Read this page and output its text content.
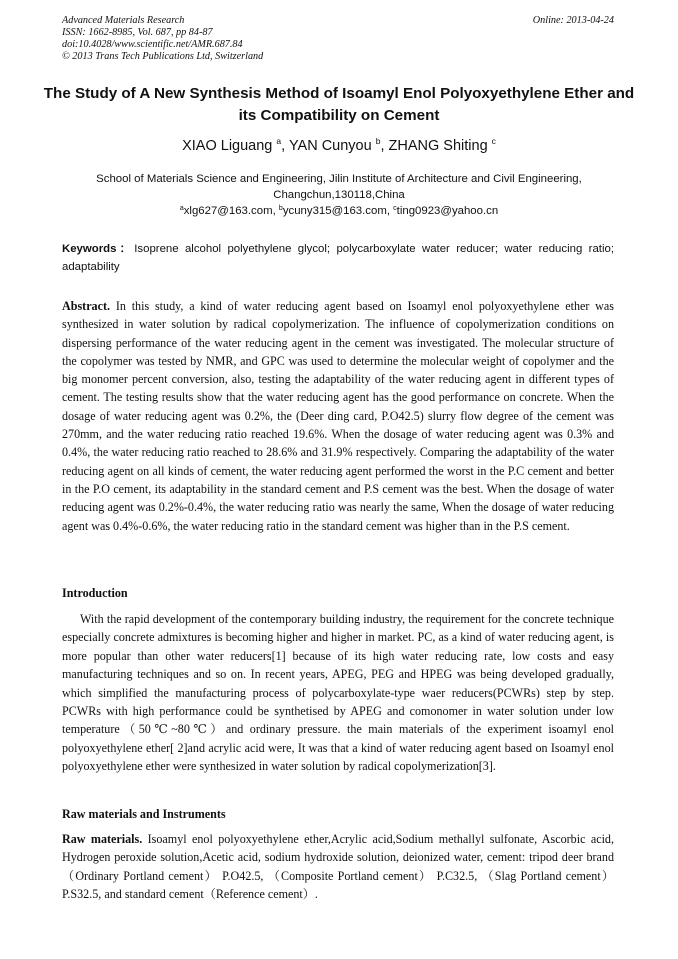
Advanced Materials Research
ISSN: 1662-8985, Vol. 687, pp 84-87
doi:10.4028/www.scientific.net/AMR.687.84
© 2013 Trans Tech Publications Ltd, Switzerland
Online: 2013-04-24
The Study of A New Synthesis Method of Isoamyl Enol Polyoxyethylene Ether and its Compatibility on Cement
XIAO Liguang $^a$, YAN Cunyou $^b$, ZHANG Shiting $^c$
School of Materials Science and Engineering, Jilin Institute of Architecture and Civil Engineering, Changchun,130118,China
$^a$xlg627@163.com, $^b$ycuny315@163.com, $^c$ting0923@yahoo.cn
Keywords：Isoprene alcohol polyethylene glycol; polycarboxylate water reducer; water reducing ratio; adaptability
Abstract. In this study, a kind of water reducing agent based on Isoamyl enol polyoxyethylene ether was synthesized in water solution by radical copolymerization. The influence of copolymerization conditions on dispersing performance of the water reducing agent in the cement was investigated. The molecular structure of the copolymer was tested by NMR, and GPC was used to determine the molecular weight of copolymer and the big monomer percent conversion, also, testing the adaptability of the water reducing agent in different types of cement. The testing results show that the water reducing agent has the good performance on concrete. When the dosage of water reducing agent was 0.2%, the (Deer ding card, P.O42.5) slurry flow degree of the cement was 270mm, and the water reducing ratio reached 19.6%. When the dosage of water reducing agent was 0.3% and 0.4%, the water reducing ratio reached to 28.6% and 31.9% respectively. Comparing the adaptability of the water reducing agent on all kinds of cement, the water reducing agent performed the worst in the P.C cement and better in the P.O cement, its adaptability in the standard cement and P.S cement was the best. When the dosage of water reducing agent was 0.2%-0.4%, the water reducing ratio was nearly the same, When the dosage of water reducing agent was 0.4%-0.6%, the water reducing ratio in the standard cement was higher than in the P.S cement.
Introduction
With the rapid development of the contemporary building industry, the requirement for the concrete technique especially concrete admixtures is becoming higher and higher in market. PC, as a kind of water reducing agent, is more popular than other water reducers[1] because of its high water reducing rate, low costs and easy manufacturing techniques and so on. In recent years, APEG, PEG and HPEG was being developed gradually, which simplified the manufacturing process of polycarboxylate-type waer reducers(PCWRs) step by step. PCWRs with high performance could be synthetised by APEG and comonomer in water solution under low temperature（50℃~80℃）and ordinary pressure. the main materials of the experiment isoamyl enol polyoxyethylene ether[ 2]and acrylic acid were, It was that a kind of water reducing agent based on Isoamyl enol polyoxyethylene ether were synthesized in water solution by radical copolymerization[3].
Raw materials and Instruments
Raw materials. Isoamyl enol polyoxyethylene ether,Acrylic acid,Sodium methallyl sulfonate, Ascorbic acid, Hydrogen peroxide solution,Acetic acid, sodium hydroxide solution, deionized water, cement: tripod deer brand（Ordinary Portland cement） P.O42.5, （Composite Portland cement） P.C32.5, （Slag Portland cement）P.S32.5, and standard cement（Reference cement）.
